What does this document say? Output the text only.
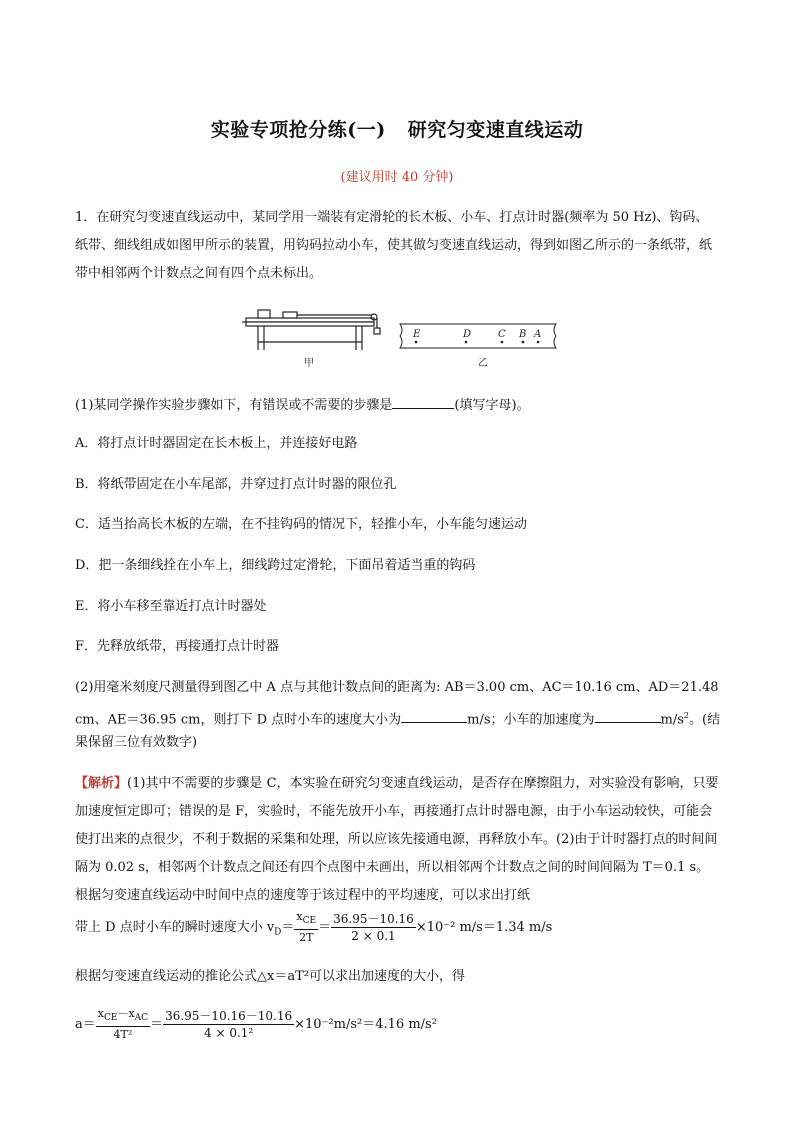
实验专项抢分练(一) 研究匀变速直线运动
(建议用时 40 分钟)
1．在研究匀变速直线运动中，某同学用一端装有定滑轮的长木板、小车、打点计时器(频率为 50 Hz)、钩码、纸带、细线组成如图甲所示的装置，用钩码拉动小车，使其做匀变速直线运动，得到如图乙所示的一条纸带，纸带中相邻两个计数点之间有四个点未标出。
E	D	C B A
甲	乙
(1)某同学操作实验步骤如下，有错误或不需要的步骤是	(填写字母)。
A．将打点计时器固定在长木板上，并连接好电路
B．将纸带固定在小车尾部，并穿过打点计时器的限位孔
C．适当抬高长木板的左端，在不挂钩码的情况下，轻推小车，小车能匀速运动
D．把一条细线拴在小车上，细线跨过定滑轮，下面吊着适当重的钩码
E．将小车移至靠近打点计时器处
F．先释放纸带，再接通打点计时器
(2)用毫米刻度尺测量得到图乙中 A 点与其他计数点间的距离为: AB＝3.00 cm、AC＝10.16 cm、AD＝21.48
cm、AE＝36.95 cm，则打下 D 点时小车的速度大小为	m/s；小车的加速度为	$m/s^2$。(结
果保留三位有效数字)
【解析】(1)其中不需要的步骤是 C，本实验在研究匀变速直线运动，是否存在摩擦阻力，对实验没有影响，只要加速度恒定即可；错误的是 F，实验时，不能先放开小车，再接通打点计时器电源，由于小车运动较快，可能会使打出来的点很少，不利于数据的采集和处理，所以应该先接通电源，再释放小车。(2)由于计时器打点的时间间隔为 0.02 s，相邻两个计数点之间还有四个点图中未画出，所以相邻两个计数点之间的时间间隔为 T＝0.1 s。根据匀变速直线运动中时间中点的速度等于该过程中的平均速度，可以求出打纸
带上 D 点时小车的瞬时速度大小 $v_D= \frac{x_{CE}}{2T} = \frac{36.95-10.16}{2 \times 0.1} \times 10^{-2}$ m/s＝1.34 m/s
根据匀变速直线运动的推论公式△x＝aT²可以求出加速度的大小，得
$a= \frac{x_{CE}-x_{AC}}{\text{4T²}} = \frac{36.95-10.16-10.16}{\text{4 × 0.1²}} \times 10^{-2}m/s^2=4.16$ m/s²
